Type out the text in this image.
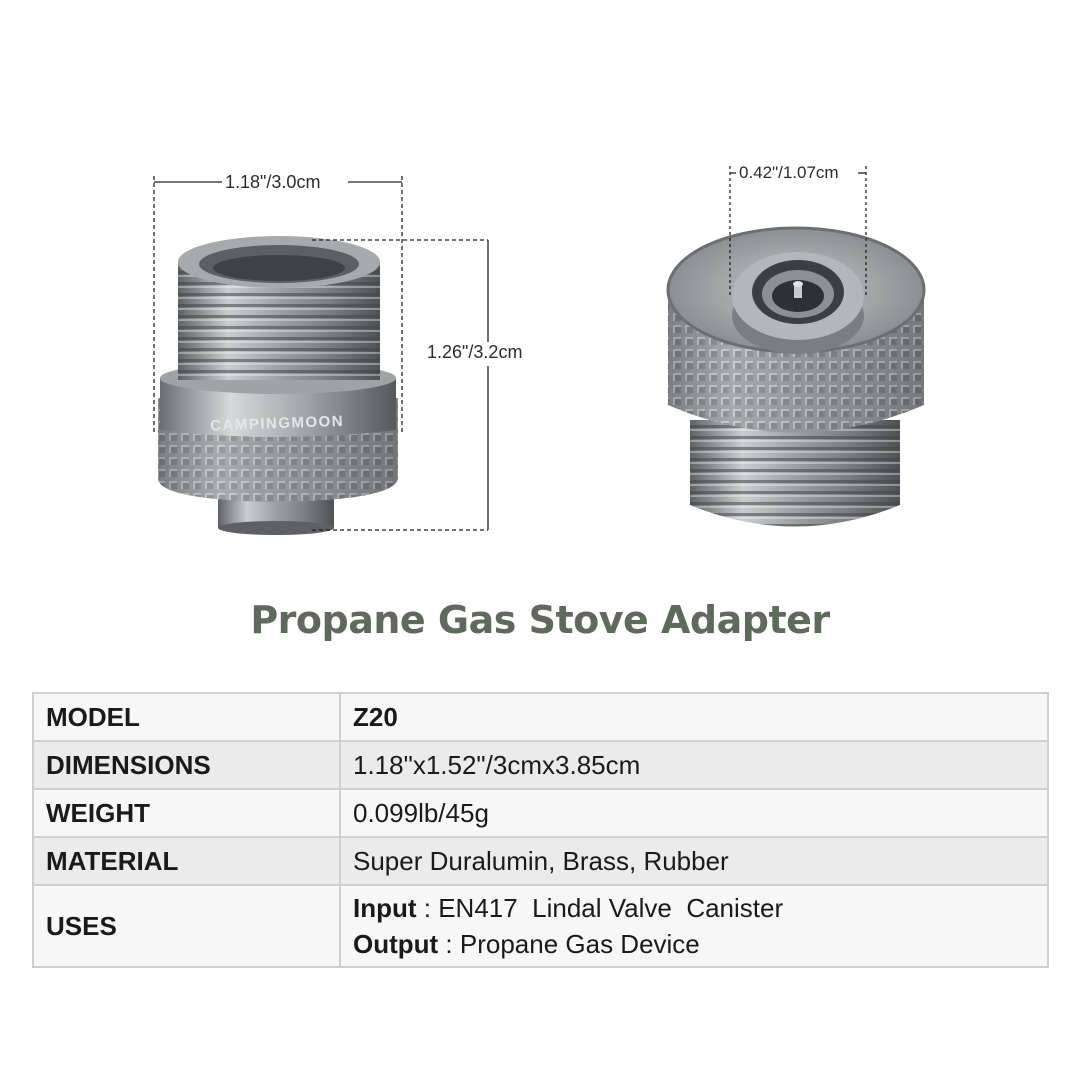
CAMPINGMOON
1.18"/3.0cm
1.26"/3.2cm
0.42"/1.07cm
Propane Gas Stove Adapter
MODEL	Z20
DIMENSIONS	1.18"x1.52"/3cmx3.85cm
WEIGHT	0.099lb/45g
MATERIAL	Super Duralumin, Brass, Rubber
USES	Input : EN417  Lindal Valve  Canister
Output : Propane Gas Device
